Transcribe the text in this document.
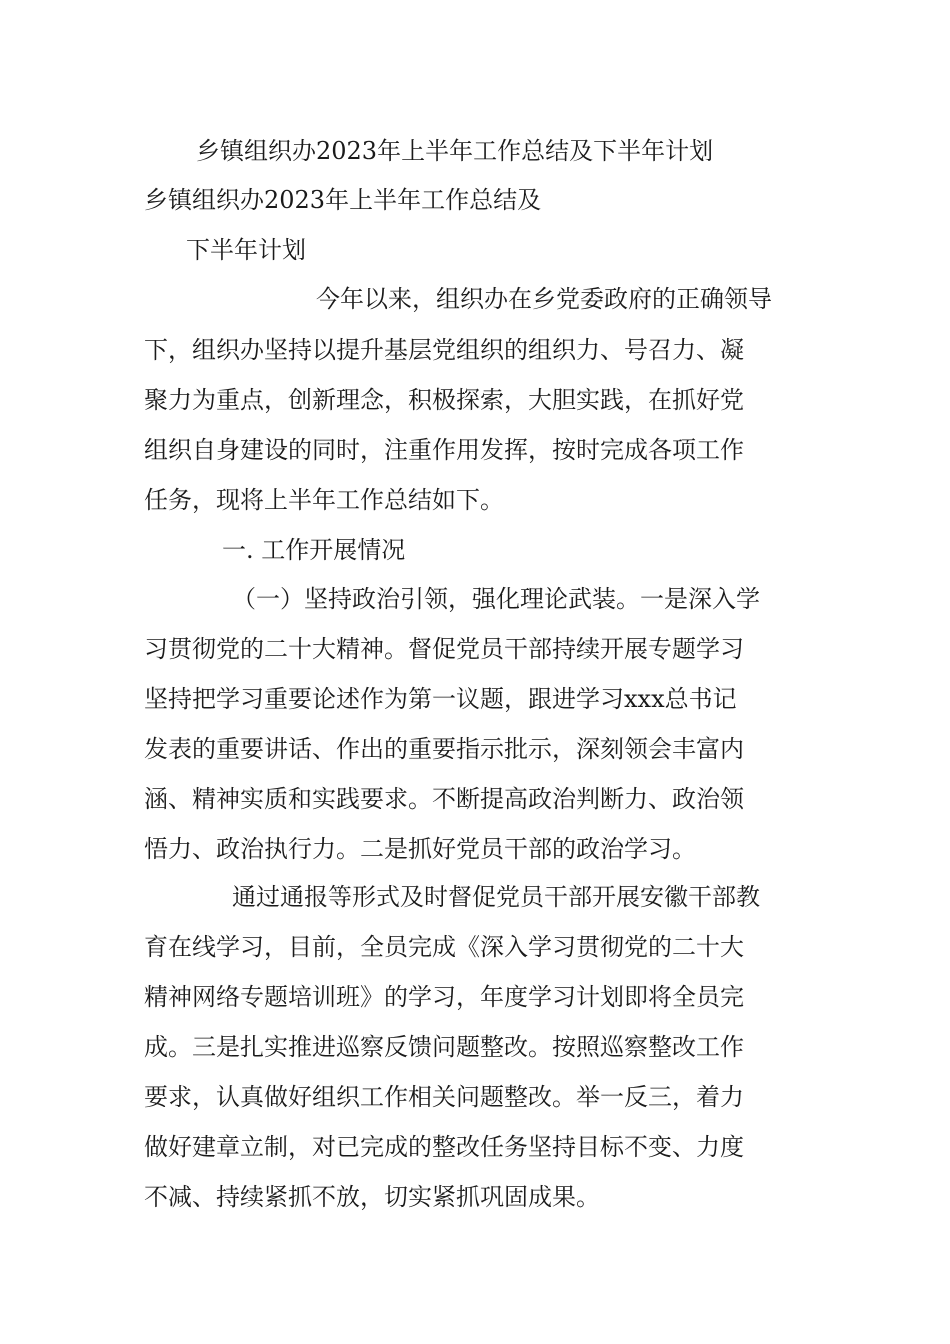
乡镇组织办2023年上半年工作总结及下半年计划

乡镇组织办2023年上半年工作总结及

下半年计划

今年以来，组织办在乡党委政府的正确领导

下，组织办坚持以提升基层党组织的组织力、号召力、凝

聚力为重点，创新理念，积极探索，大胆实践，在抓好党

组织自身建设的同时，注重作用发挥，按时完成各项工作

任务，现将上半年工作总结如下。

一. 工作开展情况

（一）坚持政治引领，强化理论武装。一是深入学

习贯彻党的二十大精神。督促党员干部持续开展专题学习

坚持把学习重要论述作为第一议题，跟进学习xxx总书记

发表的重要讲话、作出的重要指示批示，深刻领会丰富内

涵、精神实质和实践要求。不断提高政治判断力、政治领

悟力、政治执行力。二是抓好党员干部的政治学习。

通过通报等形式及时督促党员干部开展安徽干部教

育在线学习，目前，全员完成《深入学习贯彻党的二十大

精神网络专题培训班》的学习，年度学习计划即将全员完

成。三是扎实推进巡察反馈问题整改。按照巡察整改工作

要求，认真做好组织工作相关问题整改。举一反三，着力

做好建章立制，对已完成的整改任务坚持目标不变、力度

不减、持续紧抓不放，切实紧抓巩固成果。
